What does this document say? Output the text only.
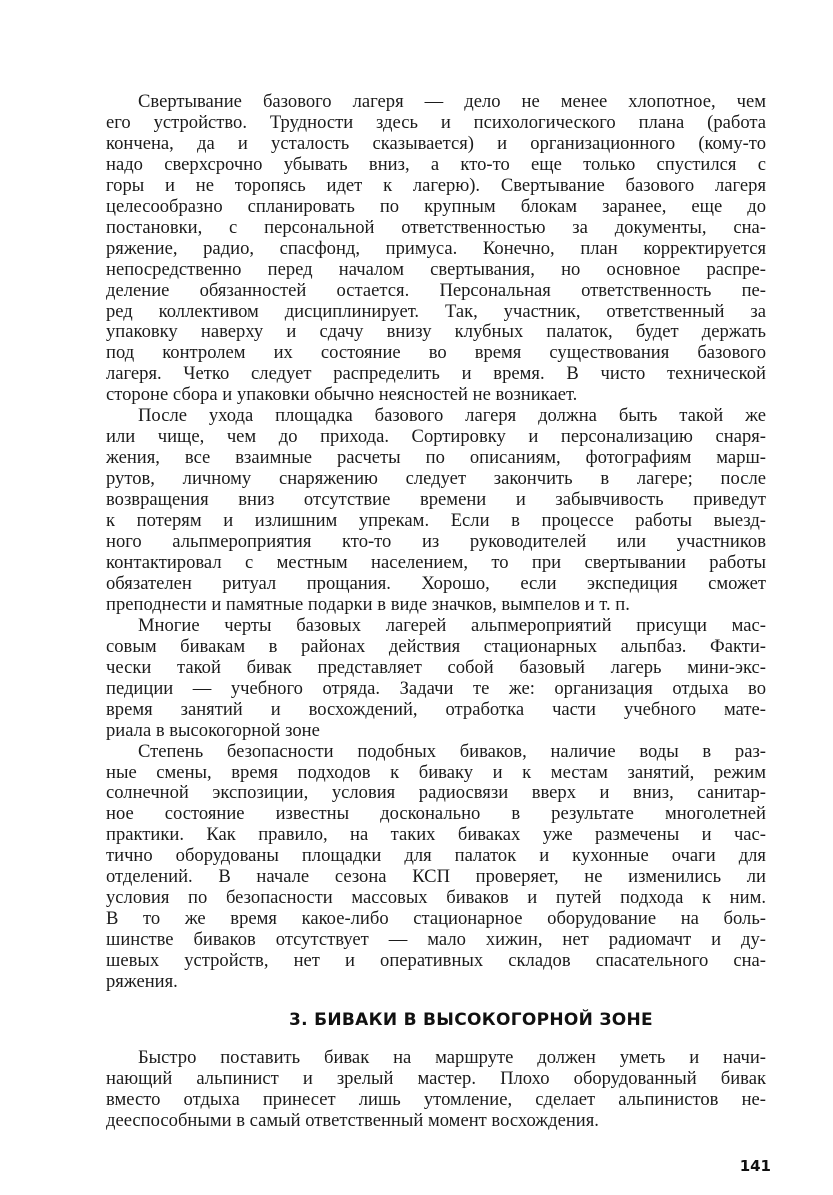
Свертывание базового лагеря — дело не менее хлопотное, чем
его устройство. Трудности здесь и психологического плана (работа
кончена, да и усталость сказывается) и организационного (кому-то
надо сверхсрочно убывать вниз, а кто-то еще только спустился с
горы и не торопясь идет к лагерю). Свертывание базового лагеря
целесообразно спланировать по крупным блокам заранее, еще до
постановки, с персональной ответственностью за документы, сна-
ряжение, радио, спасфонд, примуса. Конечно, план корректируется
непосредственно перед началом свертывания, но основное распре-
деление обязанностей остается. Персональная ответственность пе-
ред коллективом дисциплинирует. Так, участник, ответственный за
упаковку наверху и сдачу внизу клубных палаток, будет держать
под контролем их состояние во время существования базового
лагеря. Четко следует распределить и время. В чисто технической
стороне сбора и упаковки обычно неясностей не возникает.
После ухода площадка базового лагеря должна быть такой же
или чище, чем до прихода. Сортировку и персонализацию снаря-
жения, все взаимные расчеты по описаниям, фотографиям марш-
рутов, личному снаряжению следует закончить в лагере; после
возвращения вниз отсутствие времени и забывчивость приведут
к потерям и излишним упрекам. Если в процессе работы выезд-
ного альпмероприятия кто-то из руководителей или участников
контактировал с местным населением, то при свертывании работы
обязателен ритуал прощания. Хорошо, если экспедиция сможет
преподнести и памятные подарки в виде значков, вымпелов и т. п.
Многие черты базовых лагерей альпмероприятий присущи мас-
совым бивакам в районах действия стационарных альпбаз. Факти-
чески такой бивак представляет собой базовый лагерь мини-экс-
педиции — учебного отряда. Задачи те же: организация отдыха во
время занятий и восхождений, отработка части учебного мате-
риала в высокогорной зоне
Степень безопасности подобных биваков, наличие воды в раз-
ные смены, время подходов к биваку и к местам занятий, режим
солнечной экспозиции, условия радиосвязи вверх и вниз, санитар-
ное состояние известны досконально в результате многолетней
практики. Как правило, на таких биваках уже размечены и час-
тично оборудованы площадки для палаток и кухонные очаги для
отделений. В начале сезона КСП проверяет, не изменились ли
условия по безопасности массовых биваков и путей подхода к ним.
В то же время какое-либо стационарное оборудование на боль-
шинстве биваков отсутствует — мало хижин, нет радиомачт и ду-
шевых устройств, нет и оперативных складов спасательного сна-
ряжения.
3. БИВАКИ В ВЫСОКОГОРНОЙ ЗОНЕ
Быстро поставить бивак на маршруте должен уметь и начи-
нающий альпинист и зрелый мастер. Плохо оборудованный бивак
вместо отдыха принесет лишь утомление, сделает альпинистов не-
дееспособными в самый ответственный момент восхождения.
141
